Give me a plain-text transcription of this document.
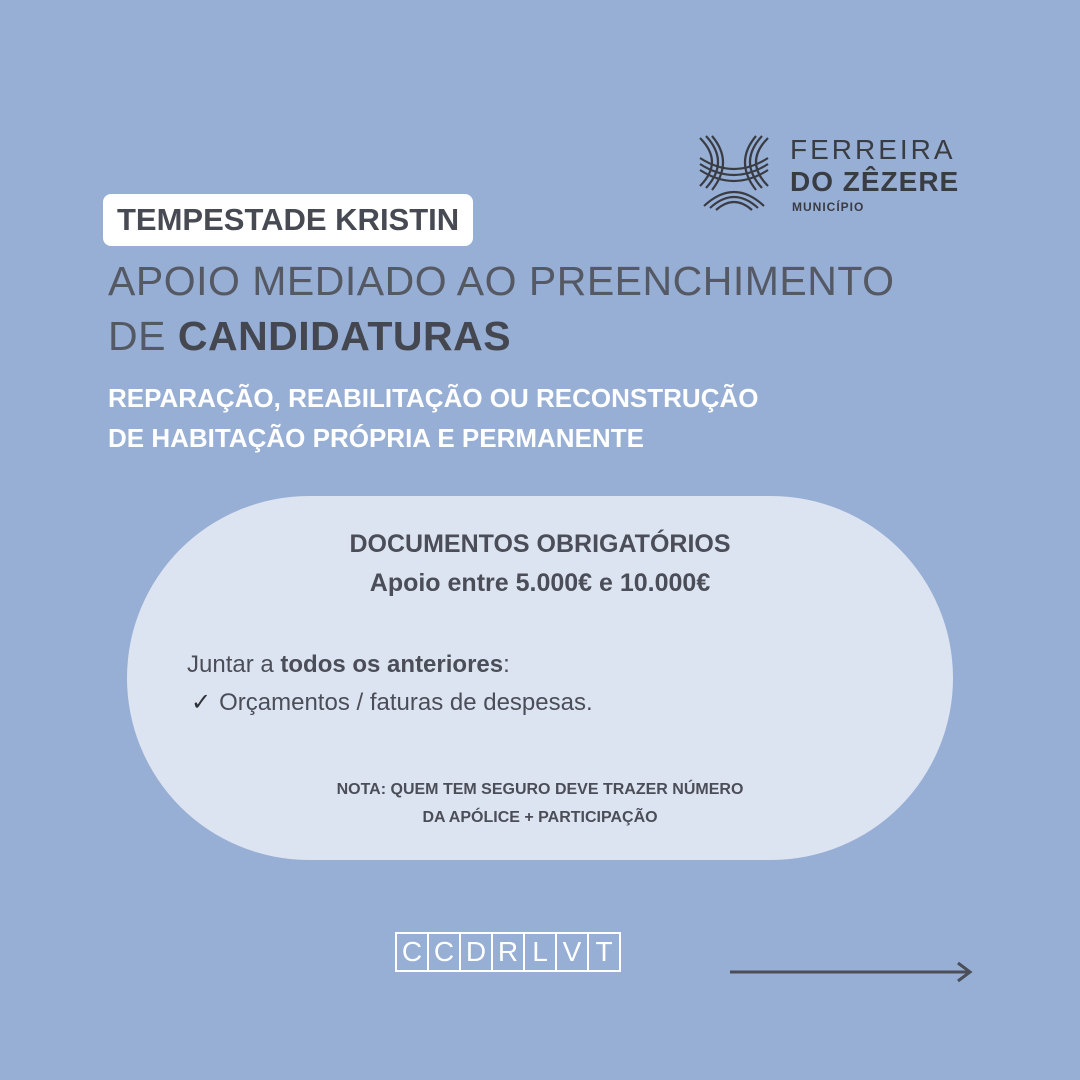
FERREIRA
DO ZÊZERE
MUNICÍPIO
TEMPESTADE KRISTIN
APOIO MEDIADO AO PREENCHIMENTO
DE CANDIDATURAS
REPARAÇÃO, REABILITAÇÃO OU RECONSTRUÇÃO
DE HABITAÇÃO PRÓPRIA E PERMANENTE
DOCUMENTOS OBRIGATÓRIOS
Apoio entre 5.000€ e 10.000€
Juntar a todos os anteriores:
✓ Orçamentos / faturas de despesas.
NOTA: QUEM TEM SEGURO DEVE TRAZER NÚMERO
DA APÓLICE + PARTICIPAÇÃO
C C D R L V T
